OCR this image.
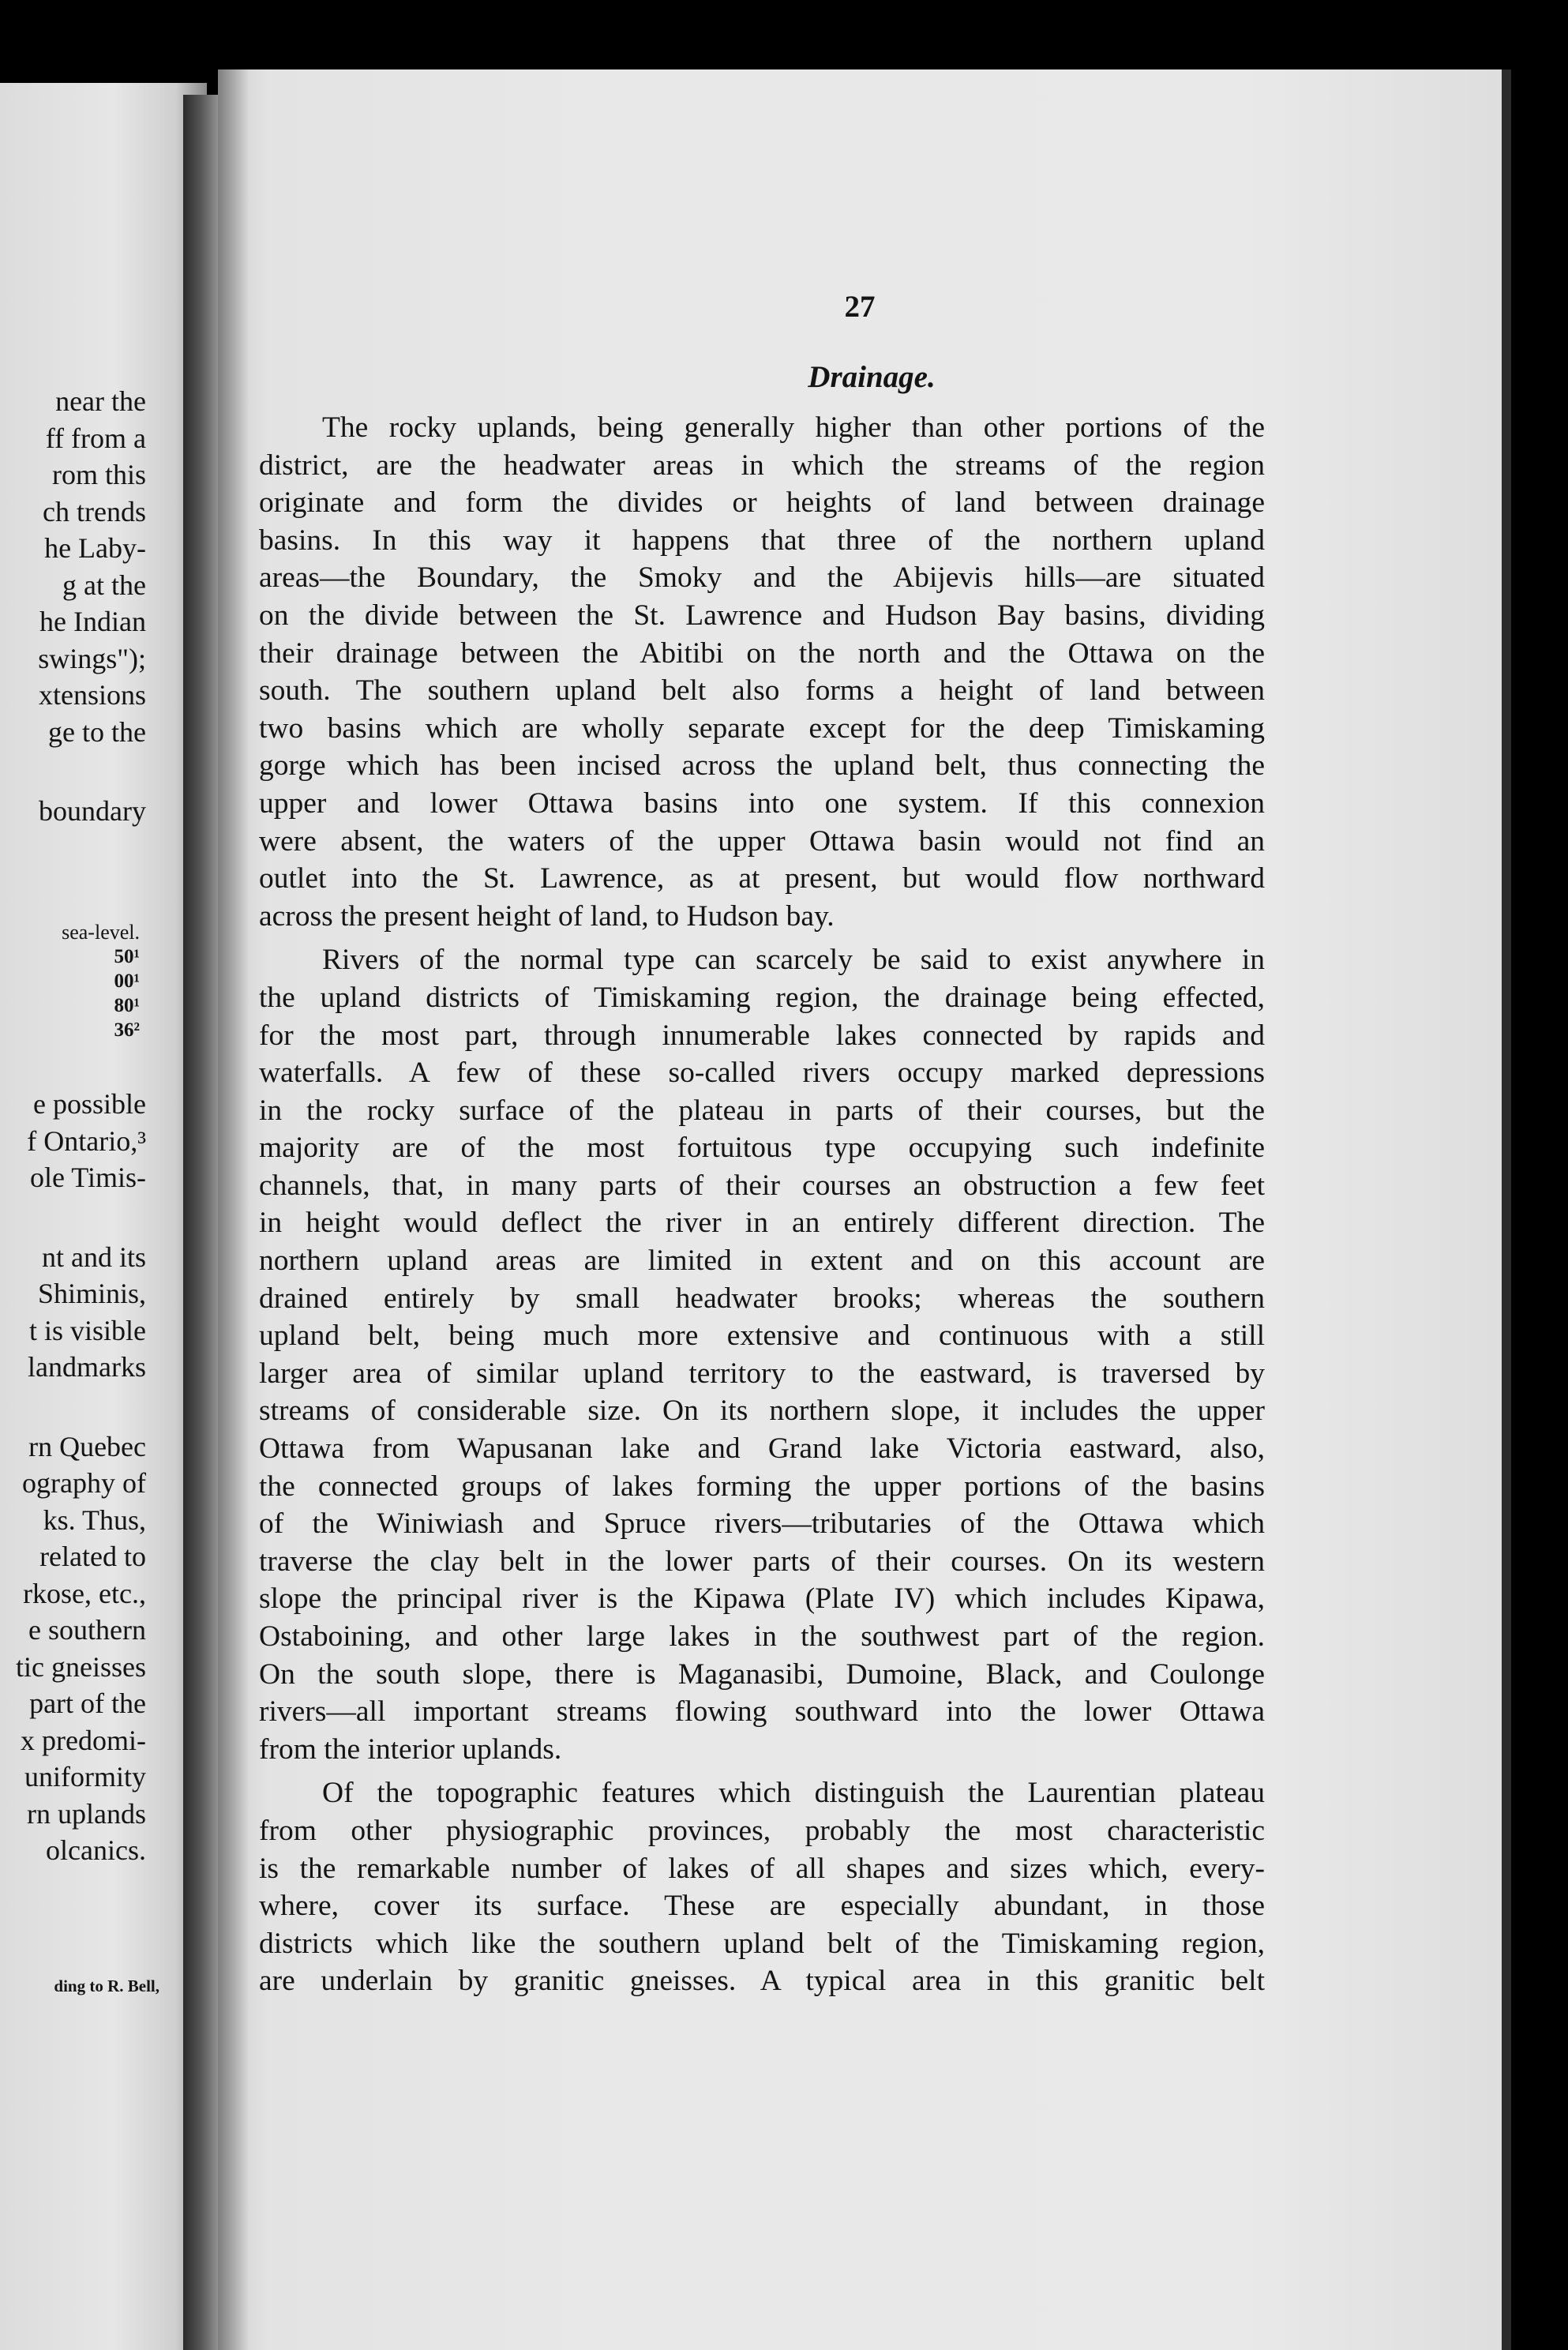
near the
ff from a
rom this
ch trends
he Laby-
g at the
he Indian
swings");
xtensions
ge to the
boundary
sea-level.
50¹
00¹
80¹
36²
e possible
f Ontario,³
ole Timis-
nt and its
Shiminis,
t is visible
landmarks
rn Quebec
ography of
ks. Thus,
related to
rkose, etc.,
e southern
tic gneisses
part of the
x predomi-
uniformity
rn uplands
olcanics.
ding to R. Bell,
27
Drainage.
The rocky uplands, being generally higher than other portions of the
district, are the headwater areas in which the streams of the region
originate and form the divides or heights of land between drainage
basins. In this way it happens that three of the northern upland
areas—the Boundary, the Smoky and the Abijevis hills—are situated
on the divide between the St. Lawrence and Hudson Bay basins, dividing
their drainage between the Abitibi on the north and the Ottawa on the
south. The southern upland belt also forms a height of land between
two basins which are wholly separate except for the deep Timiskaming
gorge which has been incised across the upland belt, thus connecting the
upper and lower Ottawa basins into one system. If this connexion
were absent, the waters of the upper Ottawa basin would not find an
outlet into the St. Lawrence, as at present, but would flow northward
across the present height of land, to Hudson bay.
Rivers of the normal type can scarcely be said to exist anywhere in
the upland districts of Timiskaming region, the drainage being effected,
for the most part, through innumerable lakes connected by rapids and
waterfalls. A few of these so-called rivers occupy marked depressions
in the rocky surface of the plateau in parts of their courses, but the
majority are of the most fortuitous type occupying such indefinite
channels, that, in many parts of their courses an obstruction a few feet
in height would deflect the river in an entirely different direction. The
northern upland areas are limited in extent and on this account are
drained entirely by small headwater brooks; whereas the southern
upland belt, being much more extensive and continuous with a still
larger area of similar upland territory to the eastward, is traversed by
streams of considerable size. On its northern slope, it includes the upper
Ottawa from Wapusanan lake and Grand lake Victoria eastward, also,
the connected groups of lakes forming the upper portions of the basins
of the Winiwiash and Spruce rivers—tributaries of the Ottawa which
traverse the clay belt in the lower parts of their courses. On its western
slope the principal river is the Kipawa (Plate IV) which includes Kipawa,
Ostaboining, and other large lakes in the southwest part of the region.
On the south slope, there is Maganasibi, Dumoine, Black, and Coulonge
rivers—all important streams flowing southward into the lower Ottawa
from the interior uplands.
Of the topographic features which distinguish the Laurentian plateau
from other physiographic provinces, probably the most characteristic
is the remarkable number of lakes of all shapes and sizes which, every-
where, cover its surface. These are especially abundant, in those
districts which like the southern upland belt of the Timiskaming region,
are underlain by granitic gneisses. A typical area in this granitic belt
